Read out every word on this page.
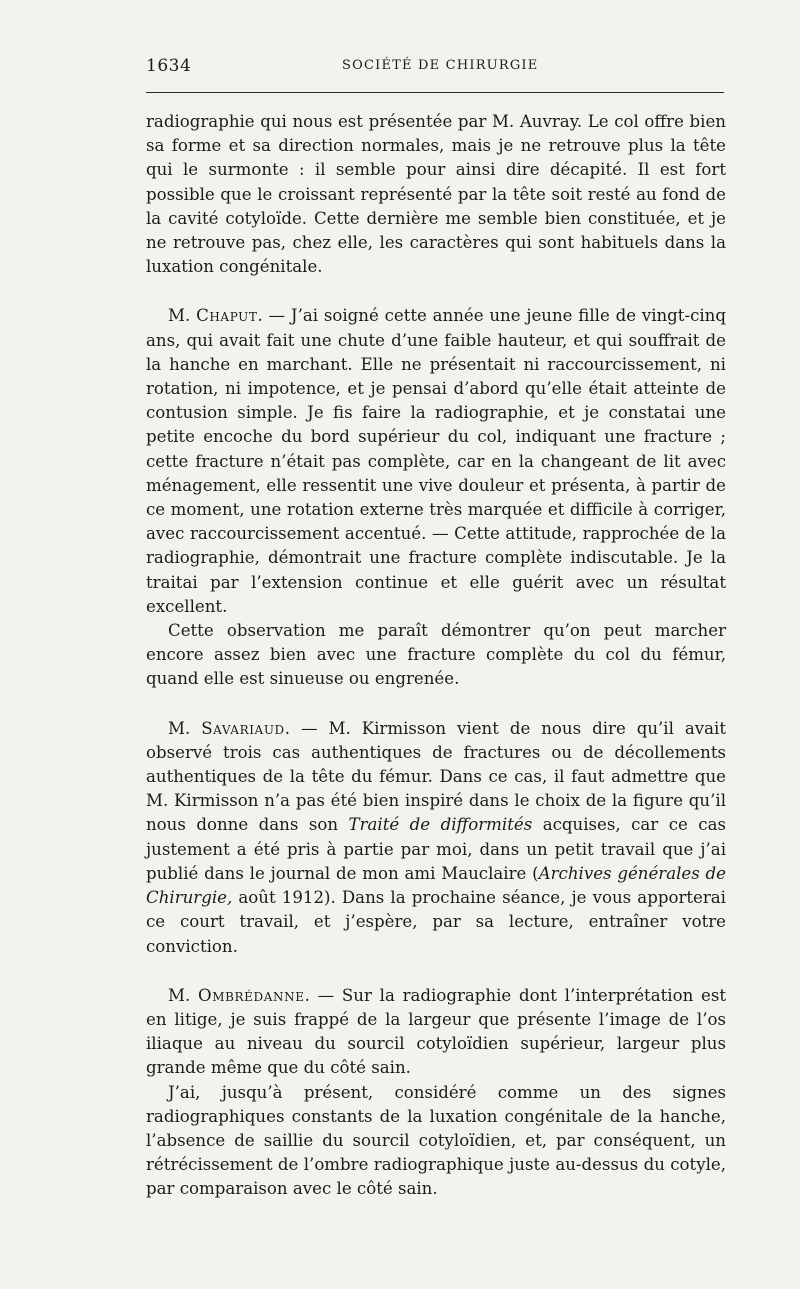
1634	SOCIÉTÉ DE CHIRURGIE

radiographie qui nous est présentée par M. Auvray. Le col offre bien sa forme et sa direction normales, mais je ne retrouve plus la tête qui le surmonte : il semble pour ainsi dire décapité. Il est fort possible que le croissant représenté par la tête soit resté au fond de la cavité cotyloïde. Cette dernière me semble bien constituée, et je ne retrouve pas, chez elle, les caractères qui sont habituels dans la luxation congénitale.

M. Chaput. — J’ai soigné cette année une jeune fille de vingt-cinq ans, qui avait fait une chute d’une faible hauteur, et qui souffrait de la hanche en marchant. Elle ne présentait ni raccourcissement, ni rotation, ni impotence, et je pensai d’abord qu’elle était atteinte de contusion simple. Je fis faire la radiographie, et je constatai une petite encoche du bord supérieur du col, indiquant une fracture ; cette fracture n’était pas complète, car en la changeant de lit avec ménagement, elle ressentit une vive douleur et présenta, à partir de ce moment, une rotation externe très marquée et difficile à corriger, avec raccourcissement accentué. — Cette attitude, rapprochée de la radiographie, démontrait une fracture complète indiscutable. Je la traitai par l’extension continue et elle guérit avec un résultat excellent.

Cette observation me paraît démontrer qu’on peut marcher encore assez bien avec une fracture complète du col du fémur, quand elle est sinueuse ou engrenée.

M. Savariaud. — M. Kirmisson vient de nous dire qu’il avait observé trois cas authentiques de fractures ou de décollements authentiques de la tête du fémur. Dans ce cas, il faut admettre que M. Kirmisson n’a pas été bien inspiré dans le choix de la figure qu’il nous donne dans son Traité de difformités acquises, car ce cas justement a été pris à partie par moi, dans un petit travail que j’ai publié dans le journal de mon ami Mauclaire (Archives générales de Chirurgie, août 1912). Dans la prochaine séance, je vous apporterai ce court travail, et j’espère, par sa lecture, entraîner votre conviction.

M. Ombrédanne. — Sur la radiographie dont l’interprétation est en litige, je suis frappé de la largeur que présente l’image de l’os iliaque au niveau du sourcil cotyloïdien supérieur, largeur plus grande même que du côté sain.

J’ai, jusqu’à présent, considéré comme un des signes radiographiques constants de la luxation congénitale de la hanche, l’absence de saillie du sourcil cotyloïdien, et, par conséquent, un rétrécissement de l’ombre radiographique juste au-dessus du cotyle, par comparaison avec le côté sain.
